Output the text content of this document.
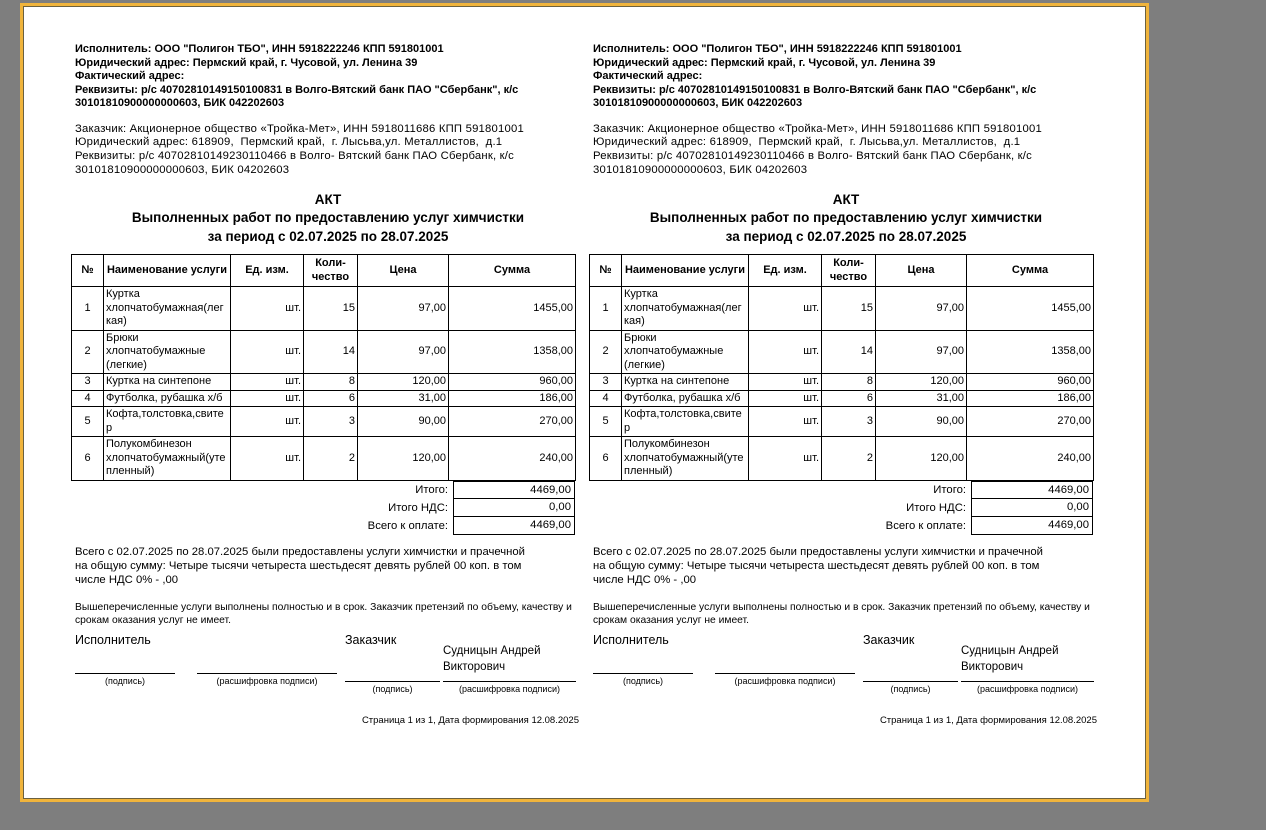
Исполнитель: ООО "Полигон ТБО", ИНН 5918222246 КПП 591801001
Юридический адрес: Пермский край, г. Чусовой, ул. Ленина 39
Фактический адрес:
Реквизиты: р/с 40702810149150100831 в Волго-Вятский банк ПАО "Сбербанк", к/с 30101810900000000603, БИК 042202603
Заказчик: Акционерное общество «Тройка-Мет», ИНН 5918011686 КПП 591801001
Юридический адрес: 618909,  Пермский край,  г. Лысьва,ул. Металлистов,  д.1
Реквизиты: р/с 40702810149230110466 в Волго- Вятский банк ПАО Сбербанк, к/с 30101810900000000603, БИК 04202603
АКТ
Выполненных работ по предоставлению услуг химчистки
за период с 02.07.2025 по 28.07.2025
№	Наименование услуги	Ед. изм.	Коли-чество	Цена	Сумма
1	Куртка хлопчатобумажная(легкая)	шт.	15	97,00	1455,00
2	Брюки хлопчатобумажные (легкие)	шт.	14	97,00	1358,00
3	Куртка на синтепоне	шт.	8	120,00	960,00
4	Футболка, рубашка х/б	шт.	6	31,00	186,00
5	Кофта,толстовка,свитер	шт.	3	90,00	270,00
6	Полукомбинезон хлопчатобумажный(утепленный)	шт.	2	120,00	240,00
Итого:	4469,00
Итого НДС:	0,00
Всего к оплате:	4469,00
Всего с 02.07.2025 по 28.07.2025 были предоставлены услуги химчистки и прачечной на общую сумму: Четыре тысячи четыреста шестьдесят девять рублей 00 коп. в том числе НДС 0% - ,00
Вышеперечисленные услуги выполнены полностью и в срок. Заказчик претензий по объему, качеству и срокам оказания услуг не имеет.
Исполнитель	Заказчик
Судницын Андрей Викторович
(подпись)	(расшифровка подписи)
(подпись)	(расшифровка подписи)
Страница 1 из 1, Дата формирования 12.08.2025
Исполнитель: ООО "Полигон ТБО", ИНН 5918222246 КПП 591801001
Юридический адрес: Пермский край, г. Чусовой, ул. Ленина 39
Фактический адрес:
Реквизиты: р/с 40702810149150100831 в Волго-Вятский банк ПАО "Сбербанк", к/с 30101810900000000603, БИК 042202603
Заказчик: Акционерное общество «Тройка-Мет», ИНН 5918011686 КПП 591801001
Юридический адрес: 618909,  Пермский край,  г. Лысьва,ул. Металлистов,  д.1
Реквизиты: р/с 40702810149230110466 в Волго- Вятский банк ПАО Сбербанк, к/с 30101810900000000603, БИК 04202603
АКТ
Выполненных работ по предоставлению услуг химчистки
за период с 02.07.2025 по 28.07.2025
№	Наименование услуги	Ед. изм.	Коли-чество	Цена	Сумма
1	Куртка хлопчатобумажная(легкая)	шт.	15	97,00	1455,00
2	Брюки хлопчатобумажные (легкие)	шт.	14	97,00	1358,00
3	Куртка на синтепоне	шт.	8	120,00	960,00
4	Футболка, рубашка х/б	шт.	6	31,00	186,00
5	Кофта,толстовка,свитер	шт.	3	90,00	270,00
6	Полукомбинезон хлопчатобумажный(утепленный)	шт.	2	120,00	240,00
Итого:	4469,00
Итого НДС:	0,00
Всего к оплате:	4469,00
Всего с 02.07.2025 по 28.07.2025 были предоставлены услуги химчистки и прачечной на общую сумму: Четыре тысячи четыреста шестьдесят девять рублей 00 коп. в том числе НДС 0% - ,00
Вышеперечисленные услуги выполнены полностью и в срок. Заказчик претензий по объему, качеству и срокам оказания услуг не имеет.
Исполнитель	Заказчик
Судницын Андрей Викторович
(подпись)	(расшифровка подписи)
(подпись)	(расшифровка подписи)
Страница 1 из 1, Дата формирования 12.08.2025
